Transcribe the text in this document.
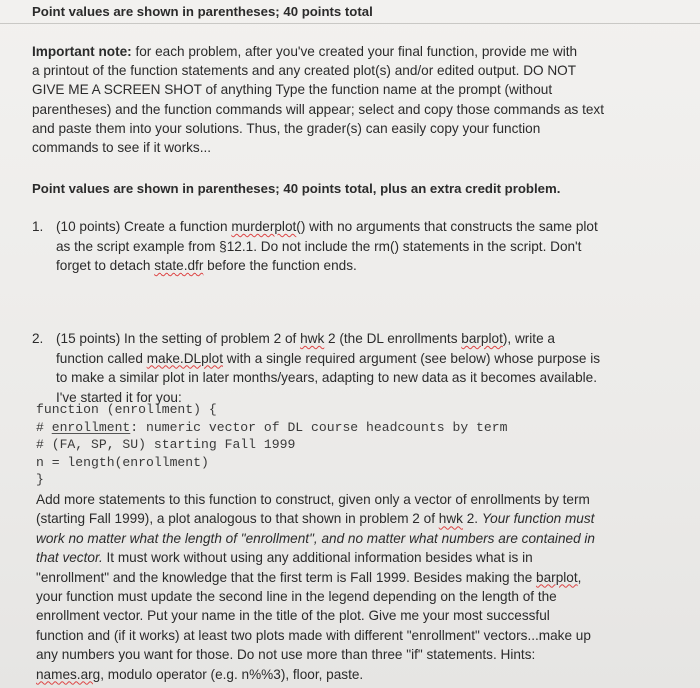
Point values are shown in parentheses; 40 points total
Important note: for each problem, after you've created your final function, provide me with
a printout of the function statements and any created plot(s) and/or edited output. DO NOT
GIVE ME A SCREEN SHOT of anything Type the function name at the prompt (without
parentheses) and the function commands will appear; select and copy those commands as text
and paste them into your solutions. Thus, the grader(s) can easily copy your function
commands to see if it works...
Point values are shown in parentheses; 40 points total, plus an extra credit problem.
1. (10 points) Create a function murderplot() with no arguments that constructs the same plot
as the script example from §12.1. Do not include the rm() statements in the script. Don't
forget to detach state.dfr before the function ends.
2. (15 points) In the setting of problem 2 of hwk 2 (the DL enrollments barplot), write a
function called make.DLplot with a single required argument (see below) whose purpose is
to make a similar plot in later months/years, adapting to new data as it becomes available.
I've started it for you:
function (enrollment) {
# enrollment: numeric vector of DL course headcounts by term
# (FA, SP, SU) starting Fall 1999
n = length(enrollment)
}
Add more statements to this function to construct, given only a vector of enrollments by term
(starting Fall 1999), a plot analogous to that shown in problem 2 of hwk 2. Your function must
work no matter what the length of "enrollment", and no matter what numbers are contained in
that vector. It must work without using any additional information besides what is in
"enrollment" and the knowledge that the first term is Fall 1999. Besides making the barplot,
your function must update the second line in the legend depending on the length of the
enrollment vector. Put your name in the title of the plot. Give me your most successful
function and (if it works) at least two plots made with different "enrollment" vectors...make up
any numbers you want for those. Do not use more than three "if" statements. Hints:
names.arg, modulo operator (e.g. n%%3), floor, paste.
